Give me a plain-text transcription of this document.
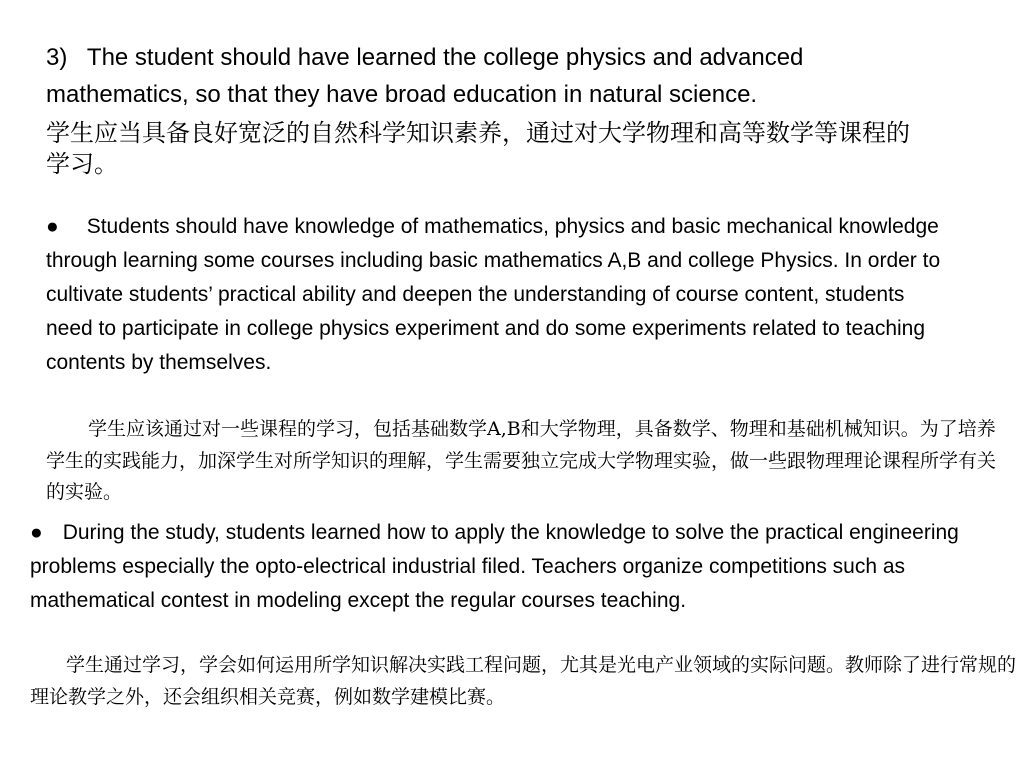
3)   The student should have learned the college physics and advanced mathematics, so that they have broad education in natural science.

学生应当具备良好宽泛的自然科学知识素养，通过对大学物理和高等数学等课程的学习。

● Students should have knowledge of mathematics, physics and basic mechanical knowledge through learning some courses including basic mathematics A,B and college Physics. In order to cultivate students’ practical ability and deepen the understanding of course content, students need to participate in college physics experiment and do some experiments related to teaching contents by themselves.

学生应该通过对一些课程的学习，包括基础数学A,B和大学物理，具备数学、物理和基础机械知识。为了培养学生的实践能力，加深学生对所学知识的理解，学生需要独立完成大学物理实验，做一些跟物理理论课程所学有关的实验。

● During the study, students learned how to apply the knowledge to solve the practical engineering problems especially the opto-electrical industrial filed. Teachers organize competitions such as mathematical contest in modeling except the regular courses teaching.

学生通过学习，学会如何运用所学知识解决实践工程问题，尤其是光电产业领域的实际问题。教师除了进行常规的理论教学之外，还会组织相关竞赛，例如数学建模比赛。
